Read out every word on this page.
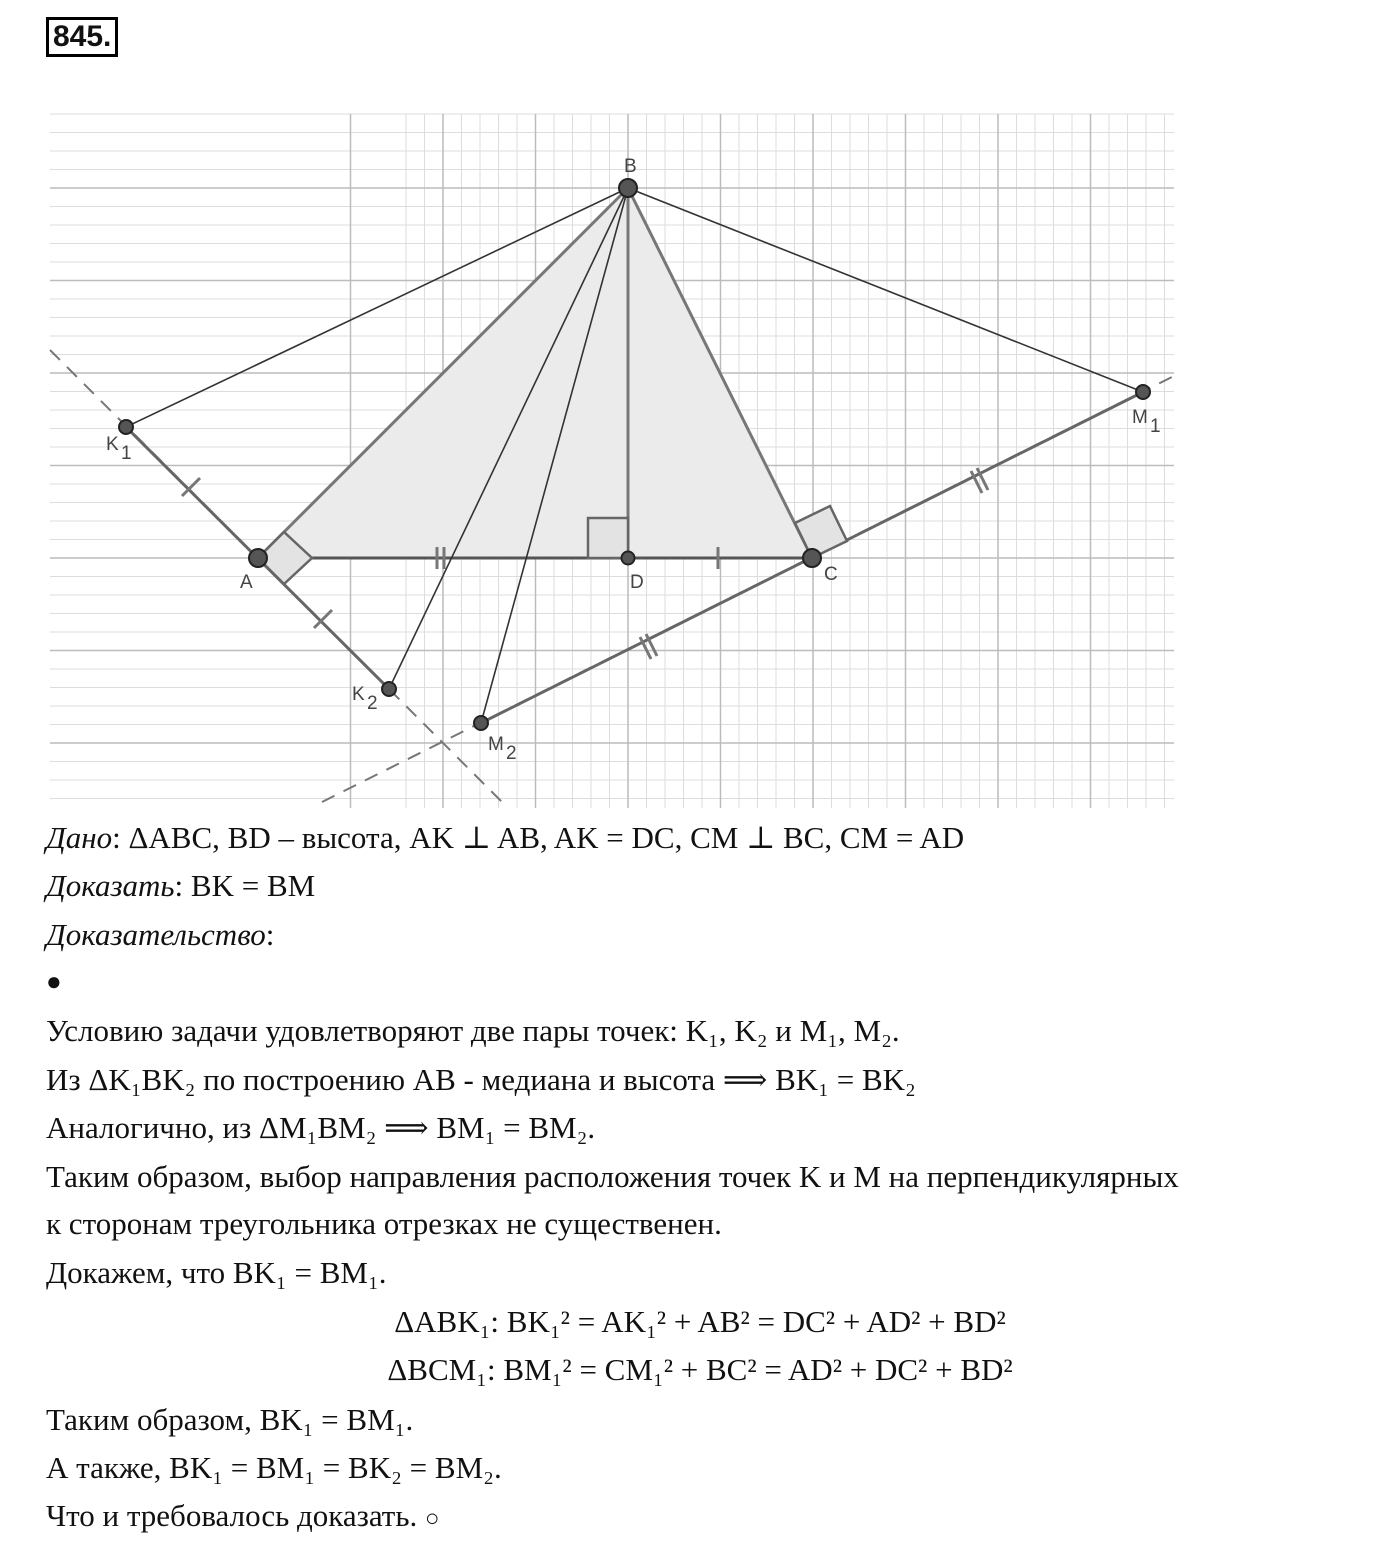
845.
B
A	D	C
K 1
K 2
M 1
M 2
Дано: ΔABC, BD – высота, AK ⊥ AB, AK = DC, CM ⊥ BC, CM = AD
Доказать: BK = BM
Доказательство:
●
Условию задачи удовлетворяют две пары точек: K₁, K₂ и M₁, M₂.
Из ΔK₁BK₂ по построению AB - медиана и высота ⟹ BK₁ = BK₂
Аналогично, из ΔM₁BM₂ ⟹ BM₁ = BM₂.
Таким образом, выбор направления расположения точек K и M на перпендикулярных
к сторонам треугольника отрезках не существенен.
Докажем, что BK₁ = BM₁.
ΔABK₁: BK₁² = AK₁² + AB² = DC² + AD² + BD²
ΔBCM₁: BM₁² = CM₁² + BC² = AD² + DC² + BD²
Таким образом, BK₁ = BM₁.
А также, BK₁ = BM₁ = BK₂ = BM₂.
Что и требовалось доказать. ○
